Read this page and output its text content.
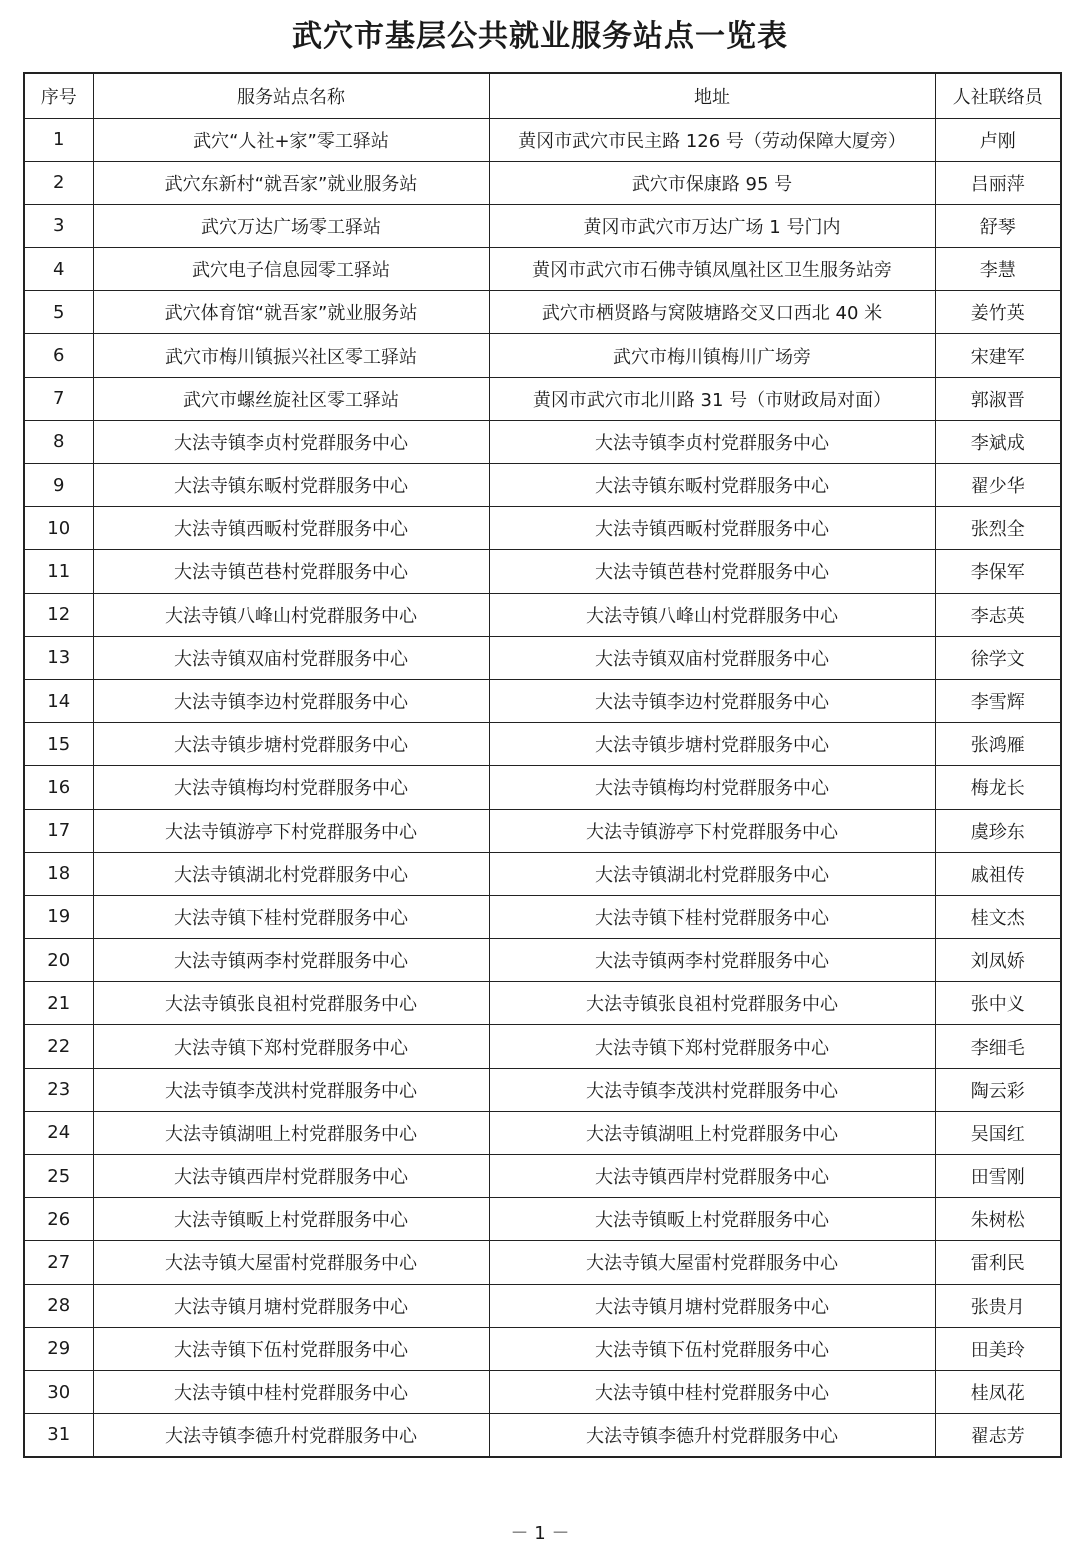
武穴市基层公共就业服务站点一览表
序号	服务站点名称	地址	人社联络员
1	武穴“人社+家”零工驿站	黄冈市武穴市民主路 126 号（劳动保障大厦旁）	卢刚
2	武穴东新村“就吾家”就业服务站	武穴市保康路 95 号	吕丽萍
3	武穴万达广场零工驿站	黄冈市武穴市万达广场 1 号门内	舒琴
4	武穴电子信息园零工驿站	黄冈市武穴市石佛寺镇凤凰社区卫生服务站旁	李慧
5	武穴体育馆“就吾家”就业服务站	武穴市栖贤路与窝陂塘路交叉口西北 40 米	姜竹英
6	武穴市梅川镇振兴社区零工驿站	武穴市梅川镇梅川广场旁	宋建军
7	武穴市螺丝旋社区零工驿站	黄冈市武穴市北川路 31 号（市财政局对面）	郭淑晋
8	大法寺镇李贞村党群服务中心	大法寺镇李贞村党群服务中心	李斌成
9	大法寺镇东畈村党群服务中心	大法寺镇东畈村党群服务中心	翟少华
10	大法寺镇西畈村党群服务中心	大法寺镇西畈村党群服务中心	张烈全
11	大法寺镇芭巷村党群服务中心	大法寺镇芭巷村党群服务中心	李保军
12	大法寺镇八峰山村党群服务中心	大法寺镇八峰山村党群服务中心	李志英
13	大法寺镇双庙村党群服务中心	大法寺镇双庙村党群服务中心	徐学文
14	大法寺镇李边村党群服务中心	大法寺镇李边村党群服务中心	李雪辉
15	大法寺镇步塘村党群服务中心	大法寺镇步塘村党群服务中心	张鸿雁
16	大法寺镇梅均村党群服务中心	大法寺镇梅均村党群服务中心	梅龙长
17	大法寺镇游亭下村党群服务中心	大法寺镇游亭下村党群服务中心	虞珍东
18	大法寺镇湖北村党群服务中心	大法寺镇湖北村党群服务中心	戚祖传
19	大法寺镇下桂村党群服务中心	大法寺镇下桂村党群服务中心	桂文杰
20	大法寺镇两李村党群服务中心	大法寺镇两李村党群服务中心	刘凤娇
21	大法寺镇张良祖村党群服务中心	大法寺镇张良祖村党群服务中心	张中义
22	大法寺镇下郑村党群服务中心	大法寺镇下郑村党群服务中心	李细毛
23	大法寺镇李茂洪村党群服务中心	大法寺镇李茂洪村党群服务中心	陶云彩
24	大法寺镇湖咀上村党群服务中心	大法寺镇湖咀上村党群服务中心	吴国红
25	大法寺镇西岸村党群服务中心	大法寺镇西岸村党群服务中心	田雪刚
26	大法寺镇畈上村党群服务中心	大法寺镇畈上村党群服务中心	朱树松
27	大法寺镇大屋雷村党群服务中心	大法寺镇大屋雷村党群服务中心	雷利民
28	大法寺镇月塘村党群服务中心	大法寺镇月塘村党群服务中心	张贵月
29	大法寺镇下伍村党群服务中心	大法寺镇下伍村党群服务中心	田美玲
30	大法寺镇中桂村党群服务中心	大法寺镇中桂村党群服务中心	桂凤花
31	大法寺镇李德升村党群服务中心	大法寺镇李德升村党群服务中心	翟志芳
－ 1 －
